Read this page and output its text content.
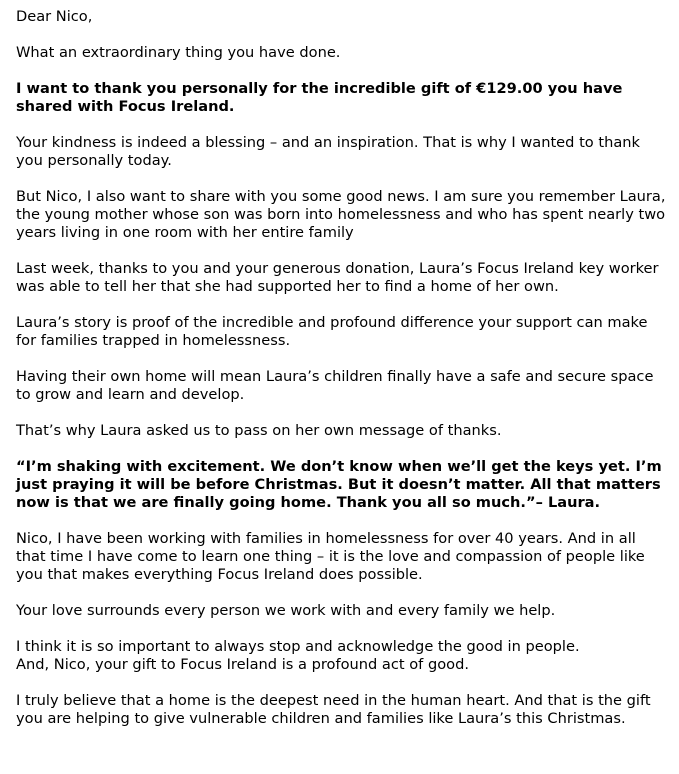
Dear Nico,

What an extraordinary thing you have done.

I want to thank you personally for the incredible gift of €129.00 you have shared with Focus Ireland.

Your kindness is indeed a blessing – and an inspiration. That is why I wanted to thank you personally today.

But Nico, I also want to share with you some good news. I am sure you remember Laura, the young mother whose son was born into homelessness and who has spent nearly two years living in one room with her entire family

Last week, thanks to you and your generous donation, Laura’s Focus Ireland key worker was able to tell her that she had supported her to find a home of her own.

Laura’s story is proof of the incredible and profound difference your support can make for families trapped in homelessness.

Having their own home will mean Laura’s children finally have a safe and secure space to grow and learn and develop.

That’s why Laura asked us to pass on her own message of thanks.

“I’m shaking with excitement. We don’t know when we’ll get the keys yet. I’m just praying it will be before Christmas. But it doesn’t matter. All that matters now is that we are finally going home. Thank you all so much.”– Laura.

Nico, I have been working with families in homelessness for over 40 years. And in all that time I have come to learn one thing – it is the love and compassion of people like you that makes everything Focus Ireland does possible.

Your love surrounds every person we work with and every family we help.

I think it is so important to always stop and acknowledge the good in people.

And, Nico, your gift to Focus Ireland is a profound act of good.

I truly believe that a home is the deepest need in the human heart. And that is the gift you are helping to give vulnerable children and families like Laura’s this Christmas.
